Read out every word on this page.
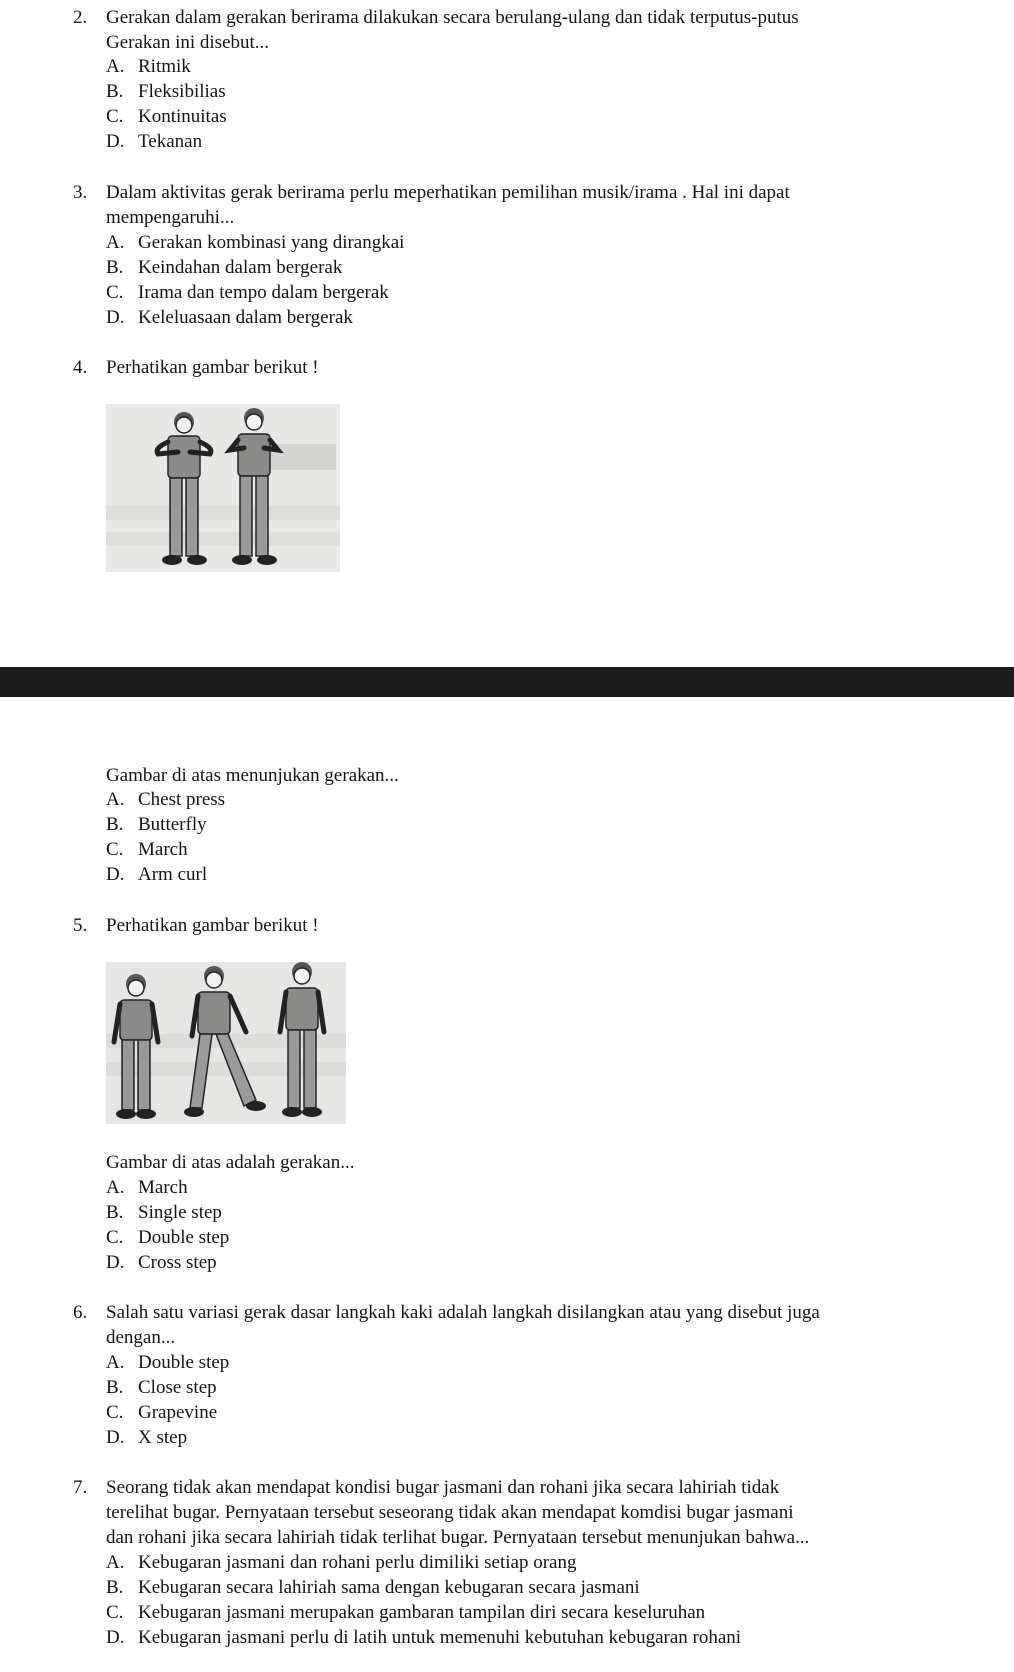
2. Gerakan dalam gerakan berirama dilakukan secara berulang-ulang dan tidak terputus-putus
Gerakan ini disebut...
A. Ritmik
B. Fleksibilias
C. Kontinuitas
D. Tekanan
3. Dalam aktivitas gerak berirama perlu meperhatikan pemilihan musik/irama . Hal ini dapat
mempengaruhi...
A. Gerakan kombinasi yang dirangkai
B. Keindahan dalam bergerak
C. Irama dan tempo dalam bergerak
D. Keleluasaan dalam bergerak
4. Perhatikan gambar berikut !
Gambar di atas menunjukan gerakan...
A. Chest press
B. Butterfly
C. March
D. Arm curl
5. Perhatikan gambar berikut !
Gambar di atas adalah gerakan...
A. March
B. Single step
C. Double step
D. Cross step
6. Salah satu variasi gerak dasar langkah kaki adalah langkah disilangkan atau yang disebut juga
dengan...
A. Double step
B. Close step
C. Grapevine
D. X step
7. Seorang tidak akan mendapat kondisi bugar jasmani dan rohani jika secara lahiriah tidak
terelihat bugar. Pernyataan tersebut seseorang tidak akan mendapat komdisi bugar jasmani
dan rohani jika secara lahiriah tidak terlihat bugar. Pernyataan tersebut menunjukan bahwa...
A. Kebugaran jasmani dan rohani perlu dimiliki setiap orang
B. Kebugaran secara lahiriah sama dengan kebugaran secara jasmani
C. Kebugaran jasmani merupakan gambaran tampilan diri secara keseluruhan
D. Kebugaran jasmani perlu di latih untuk memenuhi kebutuhan kebugaran rohani
